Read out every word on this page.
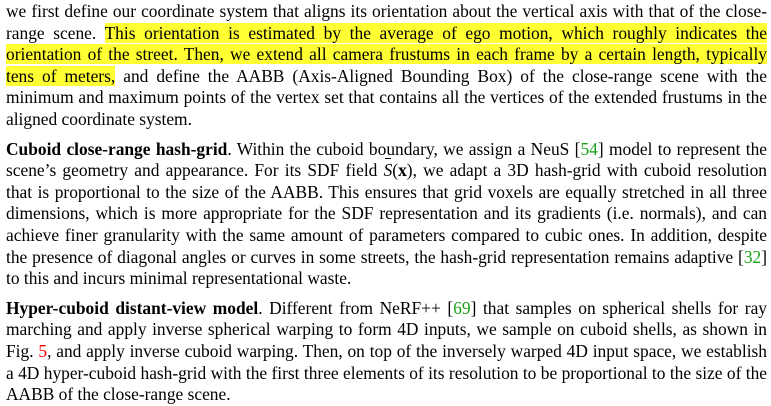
we first define our coordinate system that aligns its orientation about the vertical axis with that of the close-range scene. This orientation is estimated by the average of ego motion, which roughly indicates the orientation of the street. Then, we extend all camera frustums in each frame by a certain length, typically tens of meters, and define the AABB (Axis-Aligned Bounding Box) of the close-range scene with the minimum and maximum points of the vertex set that contains all the vertices of the extended frustums in the aligned coordinate system.

Cuboid close-range hash-grid. Within the cuboid boundary, we assign a NeuS [54] model to represent the scene’s geometry and appearance. For its SDF field S(x), we adapt a 3D hash-grid with cuboid resolution that is proportional to the size of the AABB. This ensures that grid voxels are equally stretched in all three dimensions, which is more appropriate for the SDF representation and its gradients (i.e. normals), and can achieve finer granularity with the same amount of parameters compared to cubic ones. In addition, despite the presence of diagonal angles or curves in some streets, the hash-grid representation remains adaptive [32] to this and incurs minimal representational waste.

Hyper-cuboid distant-view model. Different from NeRF++ [69] that samples on spherical shells for ray marching and apply inverse spherical warping to form 4D inputs, we sample on cuboid shells, as shown in Fig. 5, and apply inverse cuboid warping. Then, on top of the inversely warped 4D input space, we establish a 4D hyper-cuboid hash-grid with the first three elements of its resolution to be proportional to the size of the AABB of the close-range scene.
